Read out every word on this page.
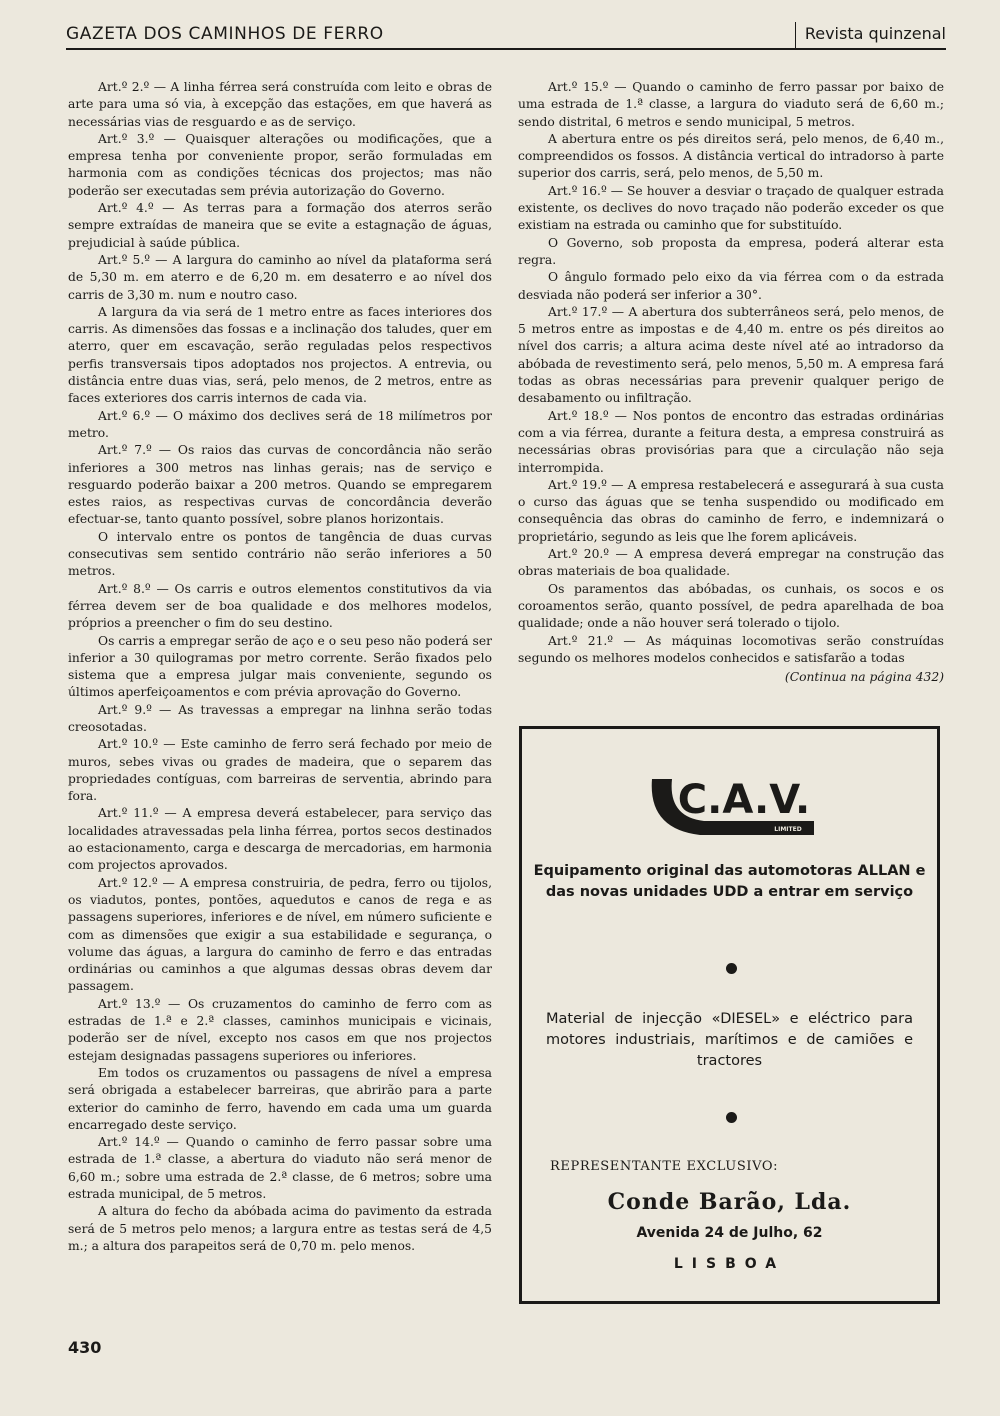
GAZETA DOS CAMINHOS DE FERRO	Revista quinzenal

Art.º 2.º — A linha férrea será construída com leito e obras de arte para uma só via, à excepção das estações, em que haverá as necessárias vias de resguardo e as de serviço.

Art.º 3.º — Quaisquer alterações ou modificações, que a empresa tenha por conveniente propor, serão formuladas em harmonia com as condições técnicas dos projectos; mas não poderão ser executadas sem prévia autorização do Governo.

Art.º 4.º — As terras para a formação dos aterros serão sempre extraídas de maneira que se evite a estagnação de águas, prejudicial à saúde pública.

Art.º 5.º — A largura do caminho ao nível da plataforma será de 5,30 m. em aterro e de 6,20 m. em desaterro e ao nível dos carris de 3,30 m. num e noutro caso.

A largura da via será de 1 metro entre as faces interiores dos carris. As dimensões das fossas e a inclinação dos taludes, quer em aterro, quer em escavação, serão reguladas pelos respectivos perfis transversais tipos adoptados nos projectos. A entrevia, ou distância entre duas vias, será, pelo menos, de 2 metros, entre as faces exteriores dos carris internos de cada via.

Art.º 6.º — O máximo dos declives será de 18 milímetros por metro.

Art.º 7.º — Os raios das curvas de concordância não serão inferiores a 300 metros nas linhas gerais; nas de serviço e resguardo poderão baixar a 200 metros. Quando se empregarem estes raios, as respectivas curvas de concordância deverão efectuar-se, tanto quanto possível, sobre planos horizontais.

O intervalo entre os pontos de tangência de duas curvas consecutivas sem sentido contrário não serão inferiores a 50 metros.

Art.º 8.º — Os carris e outros elementos constitutivos da via férrea devem ser de boa qualidade e dos melhores modelos, próprios a preencher o fim do seu destino.

Os carris a empregar serão de aço e o seu peso não poderá ser inferior a 30 quilogramas por metro corrente. Serão fixados pelo sistema que a empresa julgar mais conveniente, segundo os últimos aperfeiçoamentos e com prévia aprovação do Governo.

Art.º 9.º — As travessas a empregar na linhna serão todas creosotadas.

Art.º 10.º — Este caminho de ferro será fechado por meio de muros, sebes vivas ou grades de madeira, que o separem das propriedades contíguas, com barreiras de serventia, abrindo para fora.

Art.º 11.º — A empresa deverá estabelecer, para serviço das localidades atravessadas pela linha férrea, portos secos destinados ao estacionamento, carga e descarga de mercadorias, em harmonia com projectos aprovados.

Art.º 12.º — A empresa construiria, de pedra, ferro ou tijolos, os viadutos, pontes, pontões, aquedutos e canos de rega e as passagens superiores, inferiores e de nível, em número suficiente e com as dimensões que exigir a sua estabilidade e segurança, o volume das águas, a largura do caminho de ferro e das entradas ordinárias ou caminhos a que algumas dessas obras devem dar passagem.

Art.º 13.º — Os cruzamentos do caminho de ferro com as estradas de 1.ª e 2.ª classes, caminhos municipais e vicinais, poderão ser de nível, excepto nos casos em que nos projectos estejam designadas passagens superiores ou inferiores.

Em todos os cruzamentos ou passagens de nível a empresa será obrigada a estabelecer barreiras, que abrirão para a parte exterior do caminho de ferro, havendo em cada uma um guarda encarregado deste serviço.

Art.º 14.º — Quando o caminho de ferro passar sobre uma estrada de 1.ª classe, a abertura do viaduto não será menor de 6,60 m.; sobre uma estrada de 2.ª classe, de 6 metros; sobre uma estrada municipal, de 5 metros.

A altura do fecho da abóbada acima do pavimento da estrada será de 5 metros pelo menos; a largura entre as testas será de 4,5 m.; a altura dos parapeitos será de 0,70 m. pelo menos.

Art.º 15.º — Quando o caminho de ferro passar por baixo de uma estrada de 1.ª classe, a largura do viaduto será de 6,60 m.; sendo distrital, 6 metros e sendo municipal, 5 metros.

A abertura entre os pés direitos será, pelo menos, de 6,40 m., compreendidos os fossos. A distância vertical do intradorso à parte superior dos carris, será, pelo menos, de 5,50 m.

Art.º 16.º — Se houver a desviar o traçado de qualquer estrada existente, os declives do novo traçado não poderão exceder os que existiam na estrada ou caminho que for substituído.

O Governo, sob proposta da empresa, poderá alterar esta regra.

O ângulo formado pelo eixo da via férrea com o da estrada desviada não poderá ser inferior a 30°.

Art.º 17.º — A abertura dos subterrâneos será, pelo menos, de 5 metros entre as impostas e de 4,40 m. entre os pés direitos ao nível dos carris; a altura acima deste nível até ao intradorso da abóbada de revestimento será, pelo menos, 5,50 m. A empresa fará todas as obras necessárias para prevenir qualquer perigo de desabamento ou infiltração.

Art.º 18.º — Nos pontos de encontro das estradas ordinárias com a via férrea, durante a feitura desta, a empresa construirá as necessárias obras provisórias para que a circulação não seja interrompida.

Art.º 19.º — A empresa restabelecerá e assegurará à sua custa o curso das águas que se tenha suspendido ou modificado em consequência das obras do caminho de ferro, e indemnizará o proprietário, segundo as leis que lhe forem aplicáveis.

Art.º 20.º — A empresa deverá empregar na construção das obras materiais de boa qualidade.

Os paramentos das abóbadas, os cunhais, os socos e os coroamentos serão, quanto possível, de pedra aparelhada de boa qualidade; onde a não houver será tolerado o tijolo.

Art.º 21.º — As máquinas locomotivas serão construídas segundo os melhores modelos conhecidos e satisfarão a todas

(Continua na página 432)

C.A.V.
LIMITED
Equipamento original das automotoras ALLAN e das novas unidades UDD a entrar em serviço
Material de injecção «DIESEL» e eléctrico para motores industriais, marítimos e de camiões e tractores
REPRESENTANTE EXCLUSIVO:
Conde Barão, Lda.
Avenida 24 de Julho, 62
LISBOA
430
